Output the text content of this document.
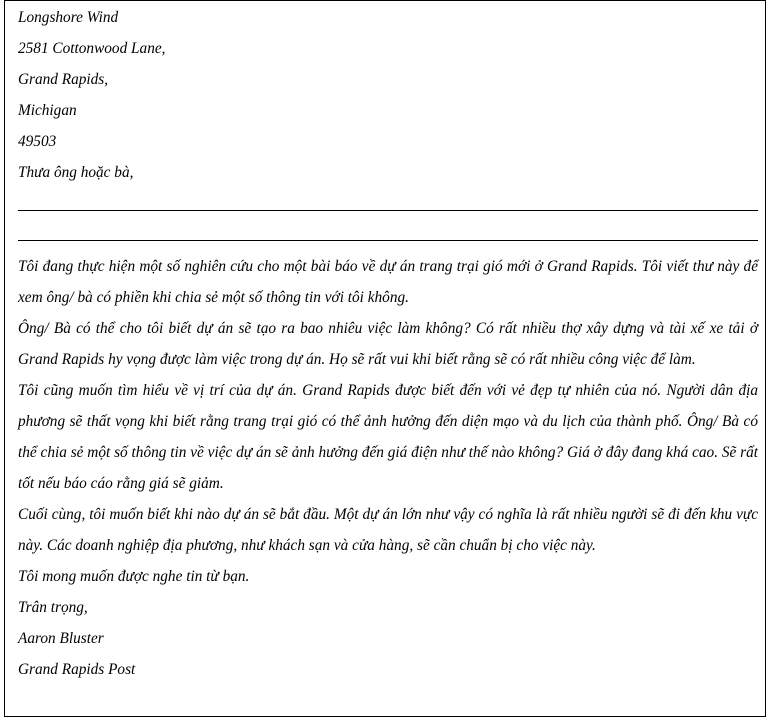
Longshore Wind
2581 Cottonwood Lane,
Grand Rapids,
Michigan
49503
Thưa ông hoặc bà,
Tôi đang thực hiện một số nghiên cứu cho một bài báo về dự án trang trại gió mới ở Grand Rapids. Tôi viết thư này để xem ông/ bà có phiền khi chia sẻ một số thông tin với tôi không.
Ông/ Bà có thể cho tôi biết dự án sẽ tạo ra bao nhiêu việc làm không? Có rất nhiều thợ xây dựng và tài xế xe tải ở Grand Rapids hy vọng được làm việc trong dự án. Họ sẽ rất vui khi biết rằng sẽ có rất nhiều công việc để làm.
Tôi cũng muốn tìm hiểu về vị trí của dự án. Grand Rapids được biết đến với vẻ đẹp tự nhiên của nó. Người dân địa phương sẽ thất vọng khi biết rằng trang trại gió có thể ảnh hưởng đến diện mạo và du lịch của thành phố. Ông/ Bà có thể chia sẻ một số thông tin về việc dự án sẽ ảnh hưởng đến giá điện như thế nào không? Giá ở đây đang khá cao. Sẽ rất tốt nếu báo cáo rằng giá sẽ giảm.
Cuối cùng, tôi muốn biết khi nào dự án sẽ bắt đầu. Một dự án lớn như vậy có nghĩa là rất nhiều người sẽ đi đến khu vực này. Các doanh nghiệp địa phương, như khách sạn và cửa hàng, sẽ cần chuẩn bị cho việc này.
Tôi mong muốn được nghe tin từ bạn.
Trân trọng,
Aaron Bluster
Grand Rapids Post
